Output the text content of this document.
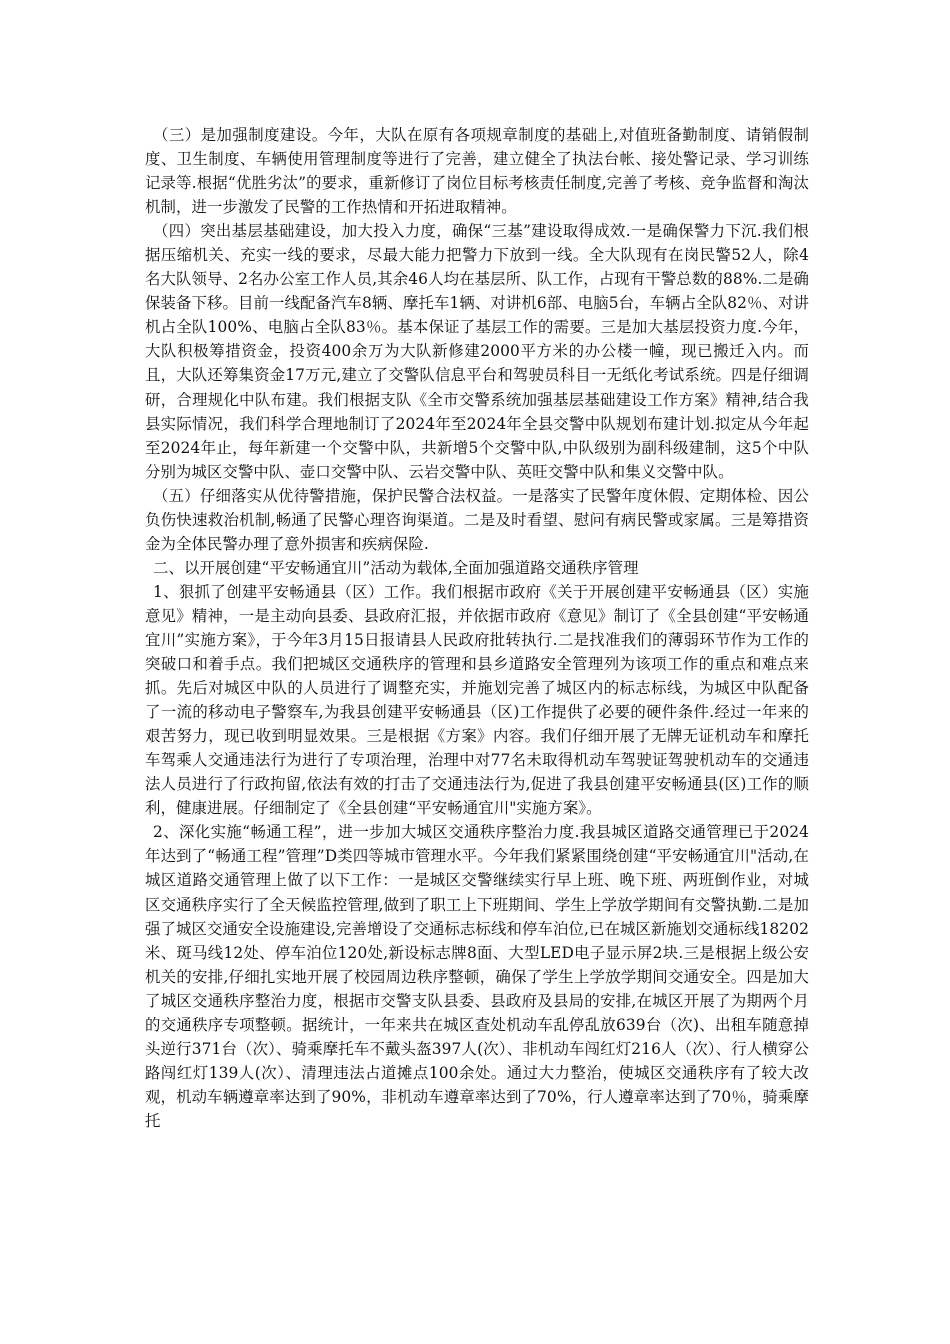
（三）是加强制度建设。今年，大队在原有各项规章制度的基础上,对值班备勤制度、请销假制度、卫生制度、车辆使用管理制度等进行了完善，建立健全了执法台帐、接处警记录、学习训练记录等.根据“优胜劣汰”的要求，重新修订了岗位目标考核责任制度,完善了考核、竞争监督和淘汰机制，进一步激发了民警的工作热情和开拓进取精神。

（四）突出基层基础建设，加大投入力度，确保“三基”建设取得成效.一是确保警力下沉.我们根据压缩机关、充实一线的要求，尽最大能力把警力下放到一线。全大队现有在岗民警52人，除4名大队领导、2名办公室工作人员,其余46人均在基层所、队工作，占现有干警总数的88%.二是确保装备下移。目前一线配备汽车8辆、摩托车1辆、对讲机6部、电脑5台，车辆占全队82％、对讲机占全队100%、电脑占全队83％。基本保证了基层工作的需要。三是加大基层投资力度.今年，大队积极筹措资金，投资400余万为大队新修建2000平方米的办公楼一幢，现已搬迁入内。而且，大队还筹集资金17万元,建立了交警队信息平台和驾驶员科目一无纸化考试系统。四是仔细调研，合理规化中队布建。我们根据支队《全市交警系统加强基层基础建设工作方案》精神,结合我县实际情况，我们科学合理地制订了2024年至2024年全县交警中队规划布建计划.拟定从今年起至2024年止，每年新建一个交警中队，共新增5个交警中队,中队级别为副科级建制，这5个中队分别为城区交警中队、壶口交警中队、云岩交警中队、英旺交警中队和集义交警中队。

（五）仔细落实从优待警措施，保护民警合法权益。一是落实了民警年度休假、定期体检、因公负伤快速救治机制,畅通了民警心理咨询渠道。二是及时看望、慰问有病民警或家属。三是筹措资金为全体民警办理了意外损害和疾病保险.

二、以开展创建“平安畅通宜川”活动为载体,全面加强道路交通秩序管理

1、狠抓了创建平安畅通县（区）工作。我们根据市政府《关于开展创建平安畅通县（区）实施意见》精神，一是主动向县委、县政府汇报，并依据市政府《意见》制订了《全县创建“平安畅通宜川”实施方案》，于今年3月15日报请县人民政府批转执行.二是找准我们的薄弱环节作为工作的突破口和着手点。我们把城区交通秩序的管理和县乡道路安全管理列为该项工作的重点和难点来抓。先后对城区中队的人员进行了调整充实，并施划完善了城区内的标志标线，为城区中队配备了一流的移动电子警察车,为我县创建平安畅通县（区)工作提供了必要的硬件条件.经过一年来的艰苦努力，现已收到明显效果。三是根据《方案》内容。我们仔细开展了无牌无证机动车和摩托车驾乘人交通违法行为进行了专项治理，治理中对77名未取得机动车驾驶证驾驶机动车的交通违法人员进行了行政拘留,依法有效的打击了交通违法行为,促进了我县创建平安畅通县(区)工作的顺利，健康进展。仔细制定了《全县创建“平安畅通宜川"实施方案》。

2、深化实施“畅通工程”，进一步加大城区交通秩序整治力度.我县城区道路交通管理已于2024年达到了“畅通工程”管理”D类四等城市管理水平。今年我们紧紧围绕创建“平安畅通宜川"活动,在城区道路交通管理上做了以下工作：一是城区交警继续实行早上班、晚下班、两班倒作业，对城区交通秩序实行了全天候监控管理,做到了职工上下班期间、学生上学放学期间有交警执勤.二是加强了城区交通安全设施建设,完善增设了交通标志标线和停车泊位,已在城区新施划交通标线18202米、斑马线12处、停车泊位120处,新设标志牌8面、大型LED电子显示屏2块.三是根据上级公安机关的安排,仔细扎实地开展了校园周边秩序整顿，确保了学生上学放学期间交通安全。四是加大了城区交通秩序整治力度，根据市交警支队县委、县政府及县局的安排,在城区开展了为期两个月的交通秩序专项整顿。据统计，一年来共在城区查处机动车乱停乱放639台（次)、出租车随意掉头逆行371台（次）、骑乘摩托车不戴头盔397人(次）、非机动车闯红灯216人（次）、行人横穿公路闯红灯139人(次）、清理违法占道摊点100余处。通过大力整治，使城区交通秩序有了较大改观，机动车辆遵章率达到了90%，非机动车遵章率达到了70%，行人遵章率达到了70％，骑乘摩托
